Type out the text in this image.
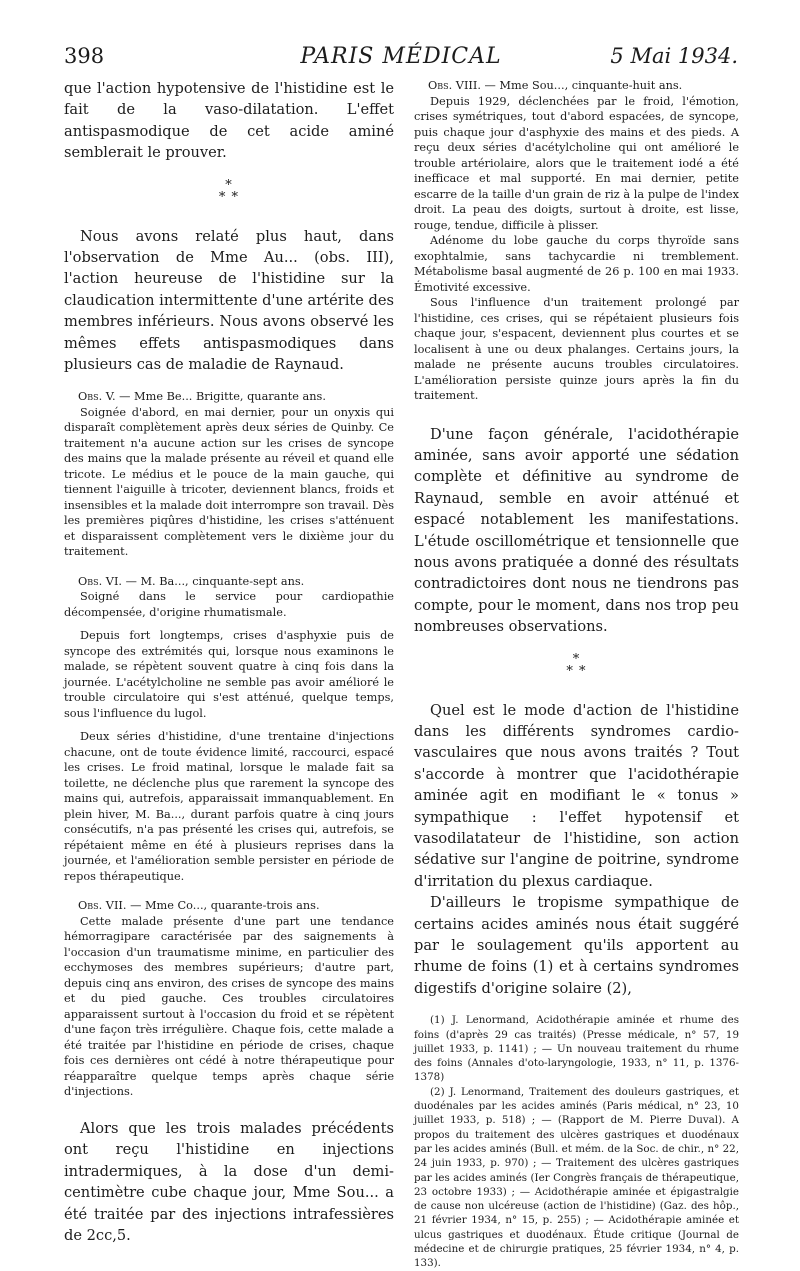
398	PARIS MÉDICAL	5 Mai 1934.

que l'action hypotensive de l'histidine est le fait de la vaso-dilatation. L'effet antispasmodique de cet acide aminé semblerait le prouver.

*
* *

Nous avons relaté plus haut, dans l'observation de Mme Au... (obs. III), l'action heureuse de l'histidine sur la claudication intermittente d'une artérite des membres inférieurs. Nous avons observé les mêmes effets antispasmodiques dans plusieurs cas de maladie de Raynaud.

Obs. V. — Mme Be... Brigitte, quarante ans.

Soignée d'abord, en mai dernier, pour un onyxis qui disparaît complètement après deux séries de Quinby. Ce traitement n'a aucune action sur les crises de syncope des mains que la malade présente au réveil et quand elle tricote. Le médius et le pouce de la main gauche, qui tiennent l'aiguille à tricoter, deviennent blancs, froids et insensibles et la malade doit interrompre son travail. Dès les premières piqûres d'histidine, les crises s'atténuent et disparaissent complètement vers le dixième jour du traitement.

Obs. VI. — M. Ba..., cinquante-sept ans.

Soigné dans le service pour cardiopathie décompensée, d'origine rhumatismale.

Depuis fort longtemps, crises d'asphyxie puis de syncope des extrémités qui, lorsque nous examinons le malade, se répètent souvent quatre à cinq fois dans la journée. L'acétylcholine ne semble pas avoir amélioré le trouble circulatoire qui s'est atténué, quelque temps, sous l'influence du lugol.

Deux séries d'histidine, d'une trentaine d'injections chacune, ont de toute évidence limité, raccourci, espacé les crises. Le froid matinal, lorsque le malade fait sa toilette, ne déclenche plus que rarement la syncope des mains qui, autrefois, apparaissait immanquablement. En plein hiver, M. Ba..., durant parfois quatre à cinq jours consécutifs, n'a pas présenté les crises qui, autrefois, se répétaient même en été à plusieurs reprises dans la journée, et l'amélioration semble persister en période de repos thérapeutique.

Obs. VII. — Mme Co..., quarante-trois ans.

Cette malade présente d'une part une tendance hémorragipare caractérisée par des saignements à l'occasion d'un traumatisme minime, en particulier des ecchymoses des membres supérieurs; d'autre part, depuis cinq ans environ, des crises de syncope des mains et du pied gauche. Ces troubles circulatoires apparaissent surtout à l'occasion du froid et se répètent d'une façon très irrégulière. Chaque fois, cette malade a été traitée par l'histidine en période de crises, chaque fois ces dernières ont cédé à notre thérapeutique pour réapparaître quelque temps après chaque série d'injections.

Alors que les trois malades précédents ont reçu l'histidine en injections intradermiques, à la dose d'un demi-centimètre cube chaque jour, Mme Sou... a été traitée par des injections intrafessières de 2cc,5.

Obs. VIII. — Mme Sou..., cinquante-huit ans.

Depuis 1929, déclenchées par le froid, l'émotion, crises symétriques, tout d'abord espacées, de syncope, puis chaque jour d'asphyxie des mains et des pieds. A reçu deux séries d'acétylcholine qui ont amélioré le trouble artériolaire, alors que le traitement iodé a été inefficace et mal supporté. En mai dernier, petite escarre de la taille d'un grain de riz à la pulpe de l'index droit. La peau des doigts, surtout à droite, est lisse, rouge, tendue, difficile à plisser.

Adénome du lobe gauche du corps thyroïde sans exophtalmie, sans tachycardie ni tremblement. Métabolisme basal augmenté de 26 p. 100 en mai 1933. Émotivité excessive.

Sous l'influence d'un traitement prolongé par l'histidine, ces crises, qui se répétaient plusieurs fois chaque jour, s'espacent, deviennent plus courtes et se localisent à une ou deux phalanges. Certains jours, la malade ne présente aucuns troubles circulatoires. L'amélioration persiste quinze jours après la fin du traitement.

D'une façon générale, l'acidothérapie aminée, sans avoir apporté une sédation complète et définitive au syndrome de Raynaud, semble en avoir atténué et espacé notablement les manifestations. L'étude oscillométrique et tensionnelle que nous avons pratiquée a donné des résultats contradictoires dont nous ne tiendrons pas compte, pour le moment, dans nos trop peu nombreuses observations.

*
* *

Quel est le mode d'action de l'histidine dans les différents syndromes cardio-vasculaires que nous avons traités ? Tout s'accorde à montrer que l'acidothérapie aminée agit en modifiant le « tonus » sympathique : l'effet hypotensif et vasodilatateur de l'histidine, son action sédative sur l'angine de poitrine, syndrome d'irritation du plexus cardiaque.

D'ailleurs le tropisme sympathique de certains acides aminés nous était suggéré par le soulagement qu'ils apportent au rhume de foins (1) et à certains syndromes digestifs d'origine solaire (2),

(1) J. Lenormand, Acidothérapie aminée et rhume des foins (d'après 29 cas traités) (Presse médicale, n° 57, 19 juillet 1933, p. 1141) ; — Un nouveau traitement du rhume des foins (Annales d'oto-laryngologie, 1933, n° 11, p. 1376-1378)

(2) J. Lenormand, Traitement des douleurs gastriques, et duodénales par les acides aminés (Paris médical, n° 23, 10 juillet 1933, p. 518) ; — (Rapport de M. Pierre Duval). A propos du traitement des ulcères gastriques et duodénaux par les acides aminés (Bull. et mém. de la Soc. de chir., n° 22, 24 juin 1933, p. 970) ; — Traitement des ulcères gastriques par les acides aminés (Ier Congrès français de thérapeutique, 23 octobre 1933) ; — Acidothérapie aminée et épigastralgie de cause non ulcéreuse (action de l'histidine) (Gaz. des hôp., 21 février 1934, n° 15, p. 255) ; — Acidothérapie aminée et ulcus gastriques et duodénaux. Étude critique (Journal de médecine et de chirurgie pratiques, 25 février 1934, n° 4, p. 133).
